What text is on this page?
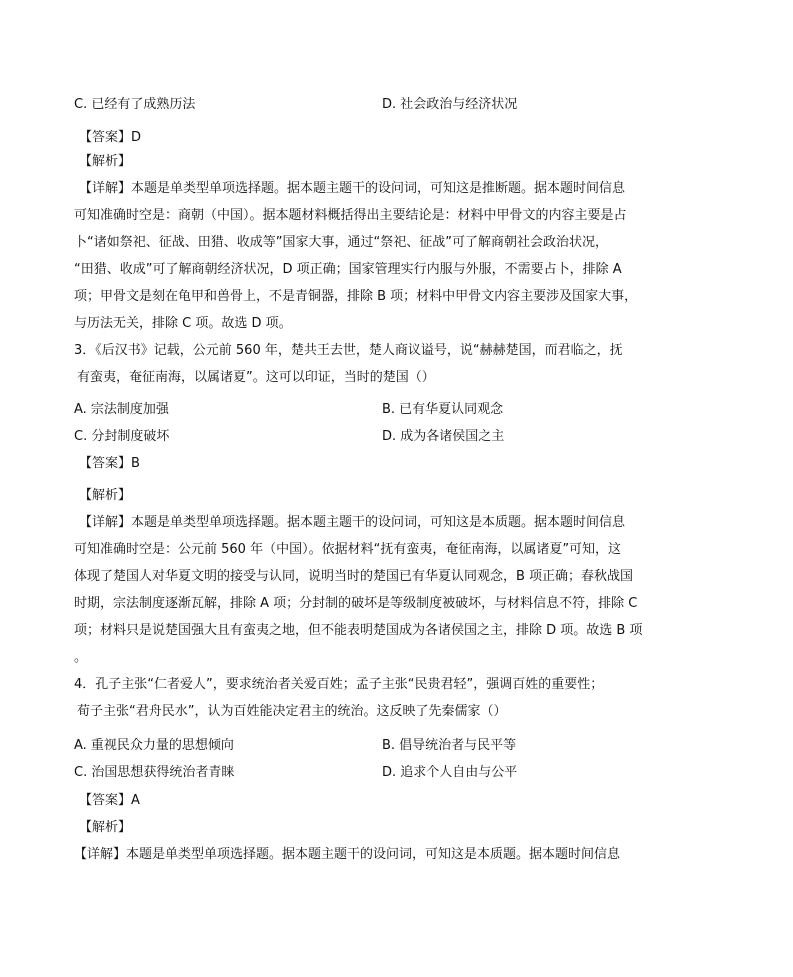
C. 已经有了成熟历法	D. 社会政治与经济状况
【答案】D
【解析】
【详解】本题是单类型单项选择题。据本题主题干的设问词，可知这是推断题。据本题时间信息
可知准确时空是：商朝（中国）。据本题材料概括得出主要结论是：材料中甲骨文的内容主要是占
卜“诸如祭祀、征战、田猎、收成等”国家大事，通过“祭祀、征战”可了解商朝社会政治状况，
“田猎、收成”可了解商朝经济状况，D 项正确；国家管理实行内服与外服，不需要占卜，排除 A
项；甲骨文是刻在龟甲和兽骨上，不是青铜器，排除 B 项；材料中甲骨文内容主要涉及国家大事，
与历法无关，排除 C 项。故选 D 项。
3．《后汉书》记载，公元前 560 年，楚共王去世，楚人商议谥号，说“赫赫楚国，而君临之，抚
有蛮夷，奄征南海，以属诸夏”。这可以印证，当时的楚国（）
A. 宗法制度加强	B. 已有华夏认同观念
C. 分封制度破坏	D. 成为各诸侯国之主
【答案】B
【解析】
【详解】本题是单类型单项选择题。据本题主题干的设问词，可知这是本质题。据本题时间信息
可知准确时空是：公元前 560 年（中国）。依据材料“抚有蛮夷，奄征南海，以属诸夏”可知，这
体现了楚国人对华夏文明的接受与认同，说明当时的楚国已有华夏认同观念，B 项正确；春秋战国
时期，宗法制度逐渐瓦解，排除 A 项；分封制的破坏是等级制度被破坏，与材料信息不符，排除 C
项；材料只是说楚国强大且有蛮夷之地，但不能表明楚国成为各诸侯国之主，排除 D 项。故选 B 项
。
4．孔子主张“仁者爱人”，要求统治者关爱百姓；孟子主张“民贵君轻”，强调百姓的重要性；
荀子主张“君舟民水”，认为百姓能决定君主的统治。这反映了先秦儒家（）
A. 重视民众力量的思想倾向	B. 倡导统治者与民平等
C. 治国思想获得统治者青睐	D. 追求个人自由与公平
【答案】A
【解析】
【详解】本题是单类型单项选择题。据本题主题干的设问词，可知这是本质题。据本题时间信息
